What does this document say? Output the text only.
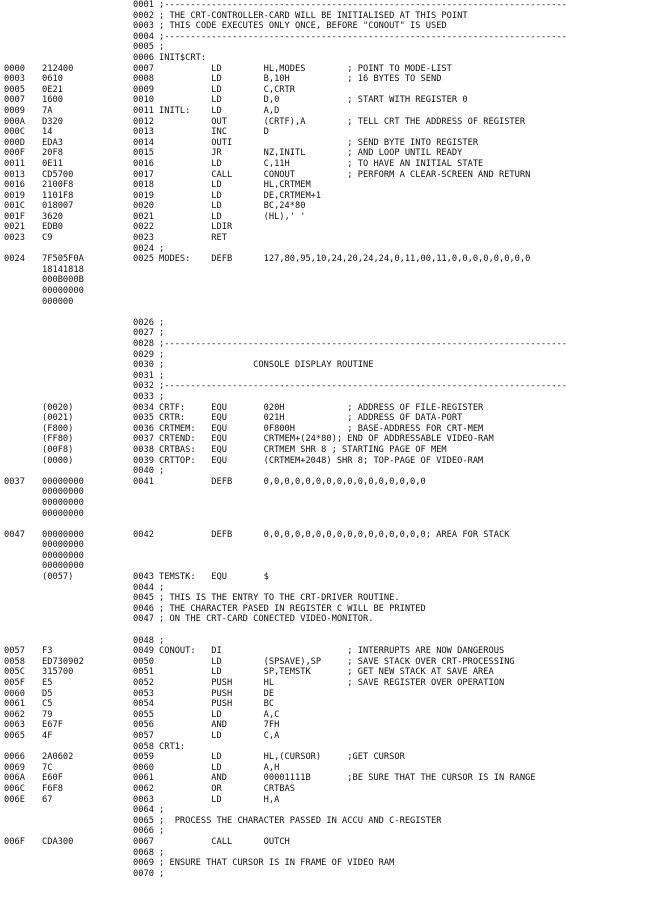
0001 ;-----------------------------------------------------------------------------
0002 ; THE CRT-CONTROLLER-CARD WILL BE INITIALISED AT THIS POINT
0003 ; THIS CODE EXECUTES ONLY ONCE, BEFORE "CONOUT" IS USED
0004 ;-----------------------------------------------------------------------------
0005 ;
0006 INIT$CRT:
0000 212400	0007 LD        HL,MODES        ; POINT TO MODE-LIST
0003 0610	0008 LD        B,10H           ; 16 BYTES TO SEND
0005 0E21	0009 LD        C,CRTR
0007 1600	0010 LD        D,0             ; START WITH REGISTER 0
0009 7A	0011 INITL:    LD        A,D
000A D320	0012 OUT       (CRTF),A        ; TELL CRT THE ADDRESS OF REGISTER
000C 14	0013 INC       D
000D EDA3	0014 OUTI                      ; SEND BYTE INTO REGISTER
000F 20F8	0015 JR        NZ,INITL        ; AND LOOP UNTIL READY
0011 0E11	0016 LD        C,11H           ; TO HAVE AN INITIAL STATE
0013 CD5700	0017 CALL      CONOUT          ; PERFORM A CLEAR-SCREEN AND RETURN
0016 2100F8	0018 LD        HL,CRTMEM
0019 1101F8	0019 LD        DE,CRTMEM+1
001C 018007	0020 LD        BC,24*80
001F 3620	0021 LD        (HL),' '
0021 EDB0	0022 LDIR
0023 C9	0023 RET
0024 ;
0024 7F505F0A	0025 MODES:    DEFB      127,80,95,10,24,20,24,24,0,11,00,11,0,0,0,0,0,0,0,0
18141818
000B000B
00000000
000000
0026 ;
0027 ;
0028 ;-----------------------------------------------------------------------------
0029 ;
0030 ;                 CONSOLE DISPLAY ROUTINE
0031 ;
0032 ;-----------------------------------------------------------------------------
0033 ;
(0020)	0034 CRTF:     EQU       020H            ; ADDRESS OF FILE-REGISTER
(0021)	0035 CRTR:     EQU       021H            ; ADDRESS OF DATA-PORT
(F800)	0036 CRTMEM:   EQU       0F800H          ; BASE-ADDRESS FOR CRT-MEM
(FF80)	0037 CRTEND:   EQU       CRTMEM+(24*80); END OF ADDRESSABLE VIDEO-RAM
(00F8)	0038 CRTBAS:   EQU       CRTMEM SHR 8 ; STARTING PAGE OF MEM
(0000)	0039 CRTTOP:   EQU       (CRTMEM+2048) SHR 8; TOP-PAGE OF VIDEO-RAM
0040 ;
0037 00000000	0041 DEFB      0,0,0,0,0,0,0,0,0,0,0,0,0,0,0,0
00000000
00000000
00000000
0047 00000000	0042 DEFB      0,0,0,0,0,0,0,0,0,0,0,0,0,0,0,0; AREA FOR STACK
00000000
00000000
00000000
(0057)	0043 TEMSTK:   EQU       $
0044 ;
0045 ; THIS IS THE ENTRY TO THE CRT-DRIVER ROUTINE.
0046 ; THE CHARACTER PASED IN REGISTER C WILL BE PRINTED
0047 ; ON THE CRT-CARD CONECTED VIDEO-MONITOR.
0048 ;
0057 F3	0049 CONOUT:   DI                        ; INTERRUPTS ARE NOW DANGEROUS
0058 ED730902	0050 LD        (SPSAVE),SP     ; SAVE STACK OVER CRT-PROCESSING
005C 315700	0051 LD        SP,TEMSTK       ; GET NEW STACK AT SAVE AREA
005F E5	0052 PUSH      HL              ; SAVE REGISTER OVER OPERATION
0060 D5	0053 PUSH      DE
0061 C5	0054 PUSH      BC
0062 79	0055 LD        A,C
0063 E67F	0056 AND       7FH
0065 4F	0057 LD        C,A
0058 CRT1:
0066 2A0602	0059 LD        HL,(CURSOR)     ;GET CURSOR
0069 7C	0060 LD        A,H
006A E60F	0061 AND       00001111B       ;BE SURE THAT THE CURSOR IS IN RANGE
006C F6F8	0062 OR        CRTBAS
006E 67	0063 LD        H,A
0064 ;
0065 ;  PROCESS THE CHARACTER PASSED IN ACCU AND C-REGISTER
0066 ;
006F CDA300	0067 CALL      OUTCH
0068 ;
0069 ; ENSURE THAT CURSOR IS IN FRAME OF VIDEO RAM
0070 ;
